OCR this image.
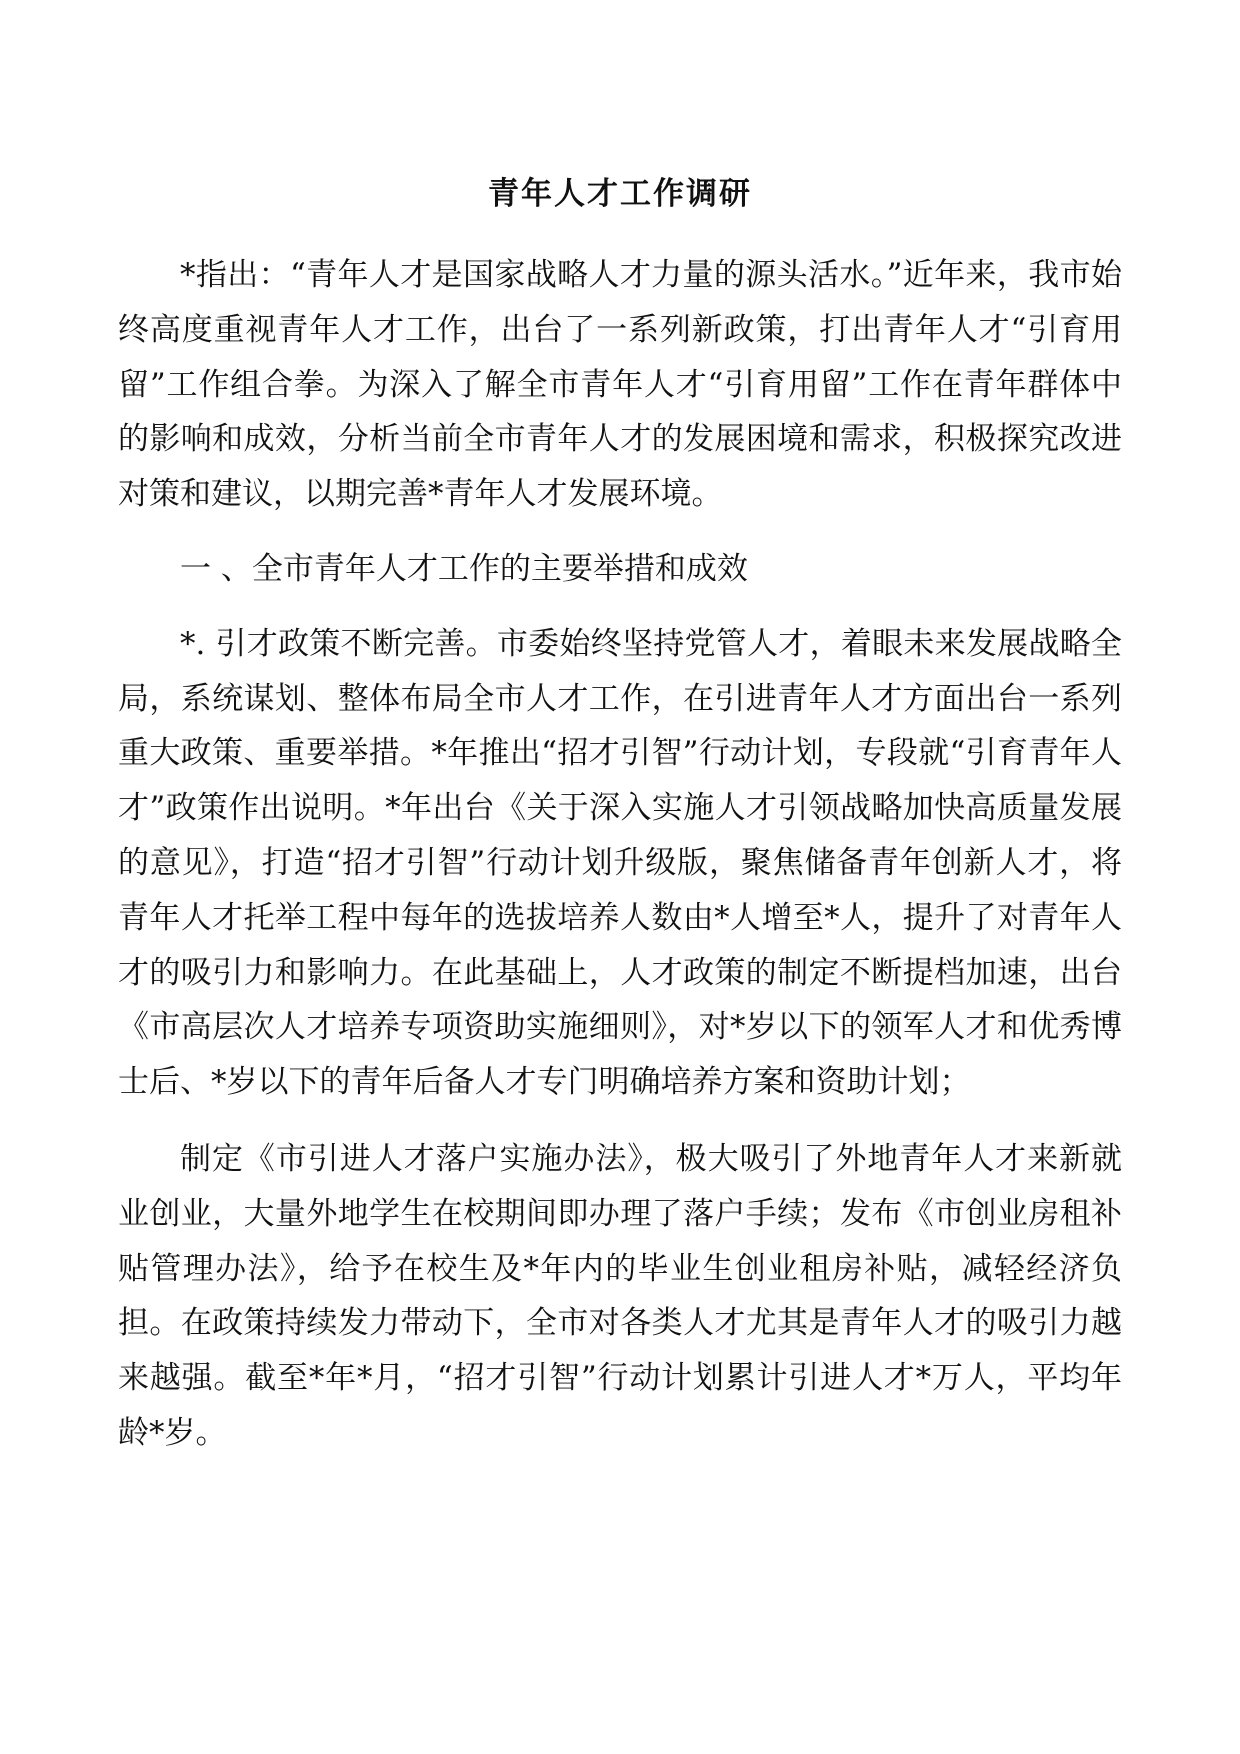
青年人才工作调研

*指出：“青年人才是国家战略人才力量的源头活水。”近年来，我市始终高度重视青年人才工作，出台了一系列新政策，打出青年人才“引育用留”工作组合拳。为深入了解全市青年人才“引育用留”工作在青年群体中的影响和成效，分析当前全市青年人才的发展困境和需求，积极探究改进对策和建议，以期完善*青年人才发展环境。

一 、全市青年人才工作的主要举措和成效

*. 引才政策不断完善。市委始终坚持党管人才，着眼未来发展战略全局，系统谋划、整体布局全市人才工作，在引进青年人才方面出台一系列重大政策、重要举措。*年推出“招才引智”行动计划，专段就“引育青年人才”政策作出说明。*年出台《关于深入实施人才引领战略加快高质量发展的意见》，打造“招才引智”行动计划升级版，聚焦储备青年创新人才，将青年人才托举工程中每年的选拔培养人数由*人增至*人，提升了对青年人才的吸引力和影响力。在此基础上，人才政策的制定不断提档加速，出台《市高层次人才培养专项资助实施细则》，对*岁以下的领军人才和优秀博士后、*岁以下的青年后备人才专门明确培养方案和资助计划；

制定《市引进人才落户实施办法》，极大吸引了外地青年人才来新就业创业，大量外地学生在校期间即办理了落户手续；发布《市创业房租补贴管理办法》，给予在校生及*年内的毕业生创业租房补贴，减轻经济负担。在政策持续发力带动下，全市对各类人才尤其是青年人才的吸引力越来越强。截至*年*月，“招才引智”行动计划累计引进人才*万人，平均年龄*岁。
